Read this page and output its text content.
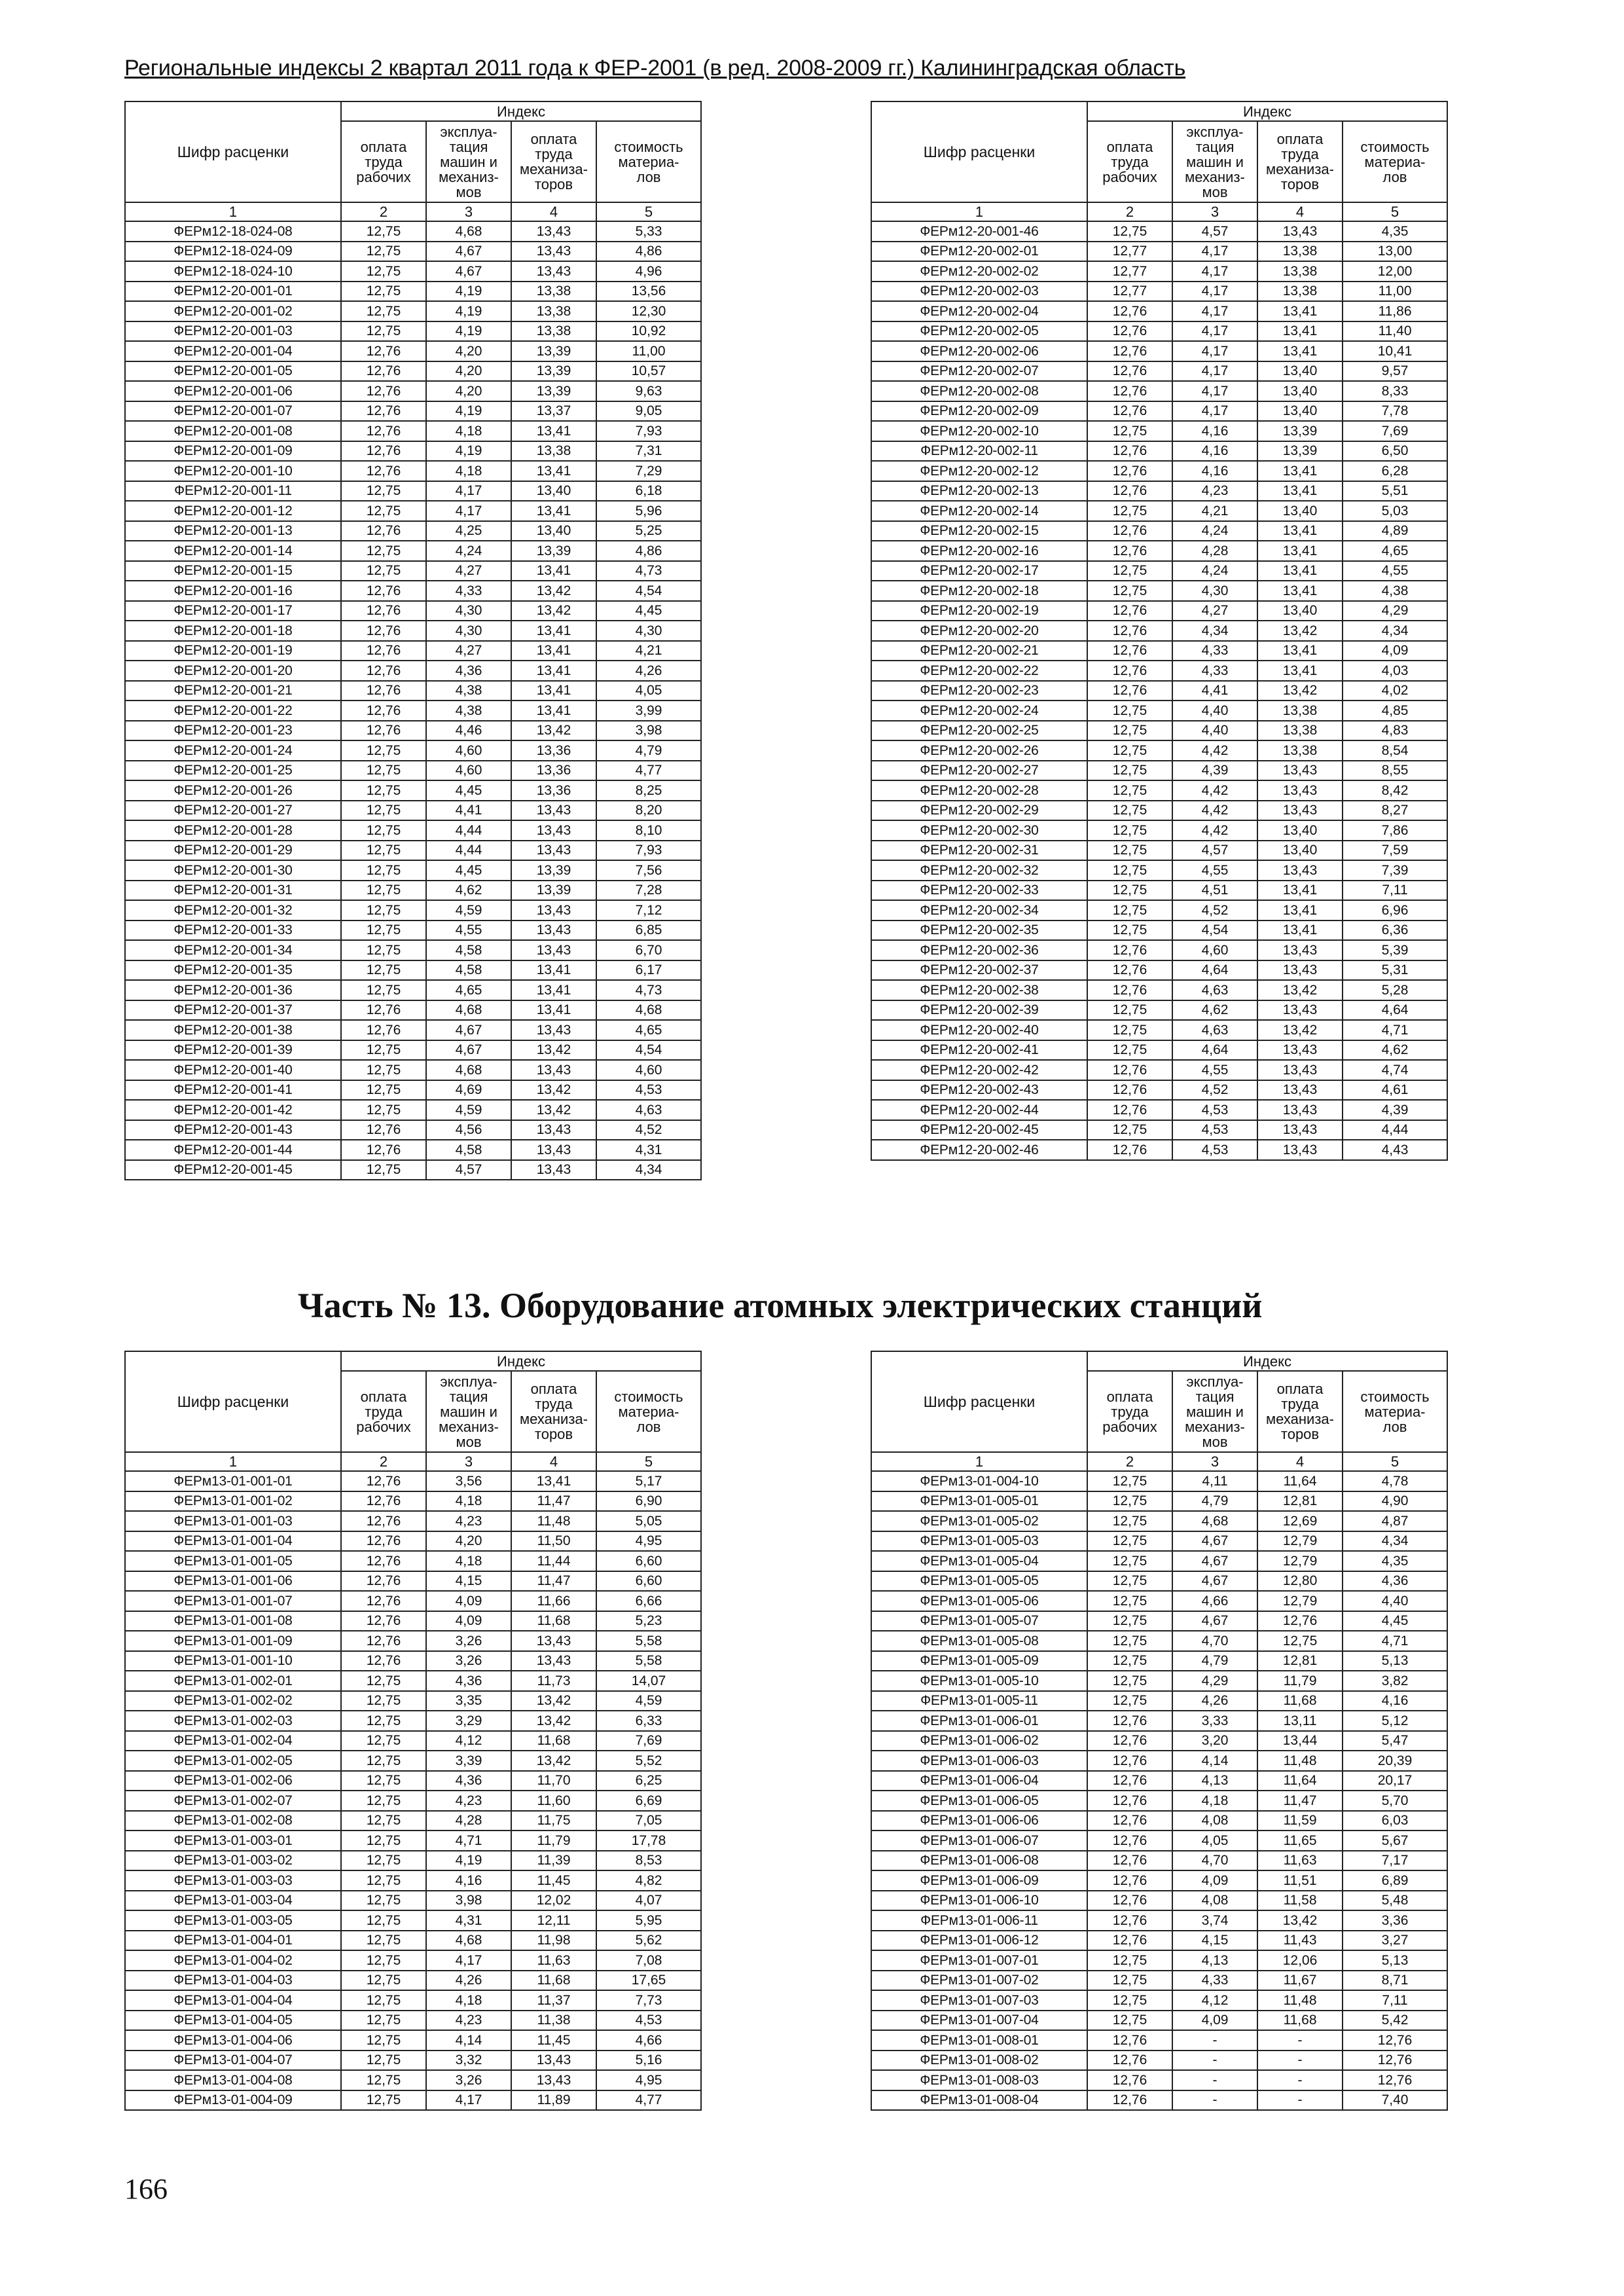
Региональные индексы 2 квартал 2011 года к ФЕР-2001 (в ред. 2008-2009 гг.) Калининградская область
Шифр расценки	Индекс			
	оплата
труда
рабочих	эксплуа-
тация
машин и
механиз-
мов	оплата
труда
механиза-
торов	стоимость
материа-
лов
1	2	3	4	5
ФЕРм12-18-024-08	12,75	4,68	13,43	5,33
ФЕРм12-18-024-09	12,75	4,67	13,43	4,86
ФЕРм12-18-024-10	12,75	4,67	13,43	4,96
ФЕРм12-20-001-01	12,75	4,19	13,38	13,56
ФЕРм12-20-001-02	12,75	4,19	13,38	12,30
ФЕРм12-20-001-03	12,75	4,19	13,38	10,92
ФЕРм12-20-001-04	12,76	4,20	13,39	11,00
ФЕРм12-20-001-05	12,76	4,20	13,39	10,57
ФЕРм12-20-001-06	12,76	4,20	13,39	9,63
ФЕРм12-20-001-07	12,76	4,19	13,37	9,05
ФЕРм12-20-001-08	12,76	4,18	13,41	7,93
ФЕРм12-20-001-09	12,76	4,19	13,38	7,31
ФЕРм12-20-001-10	12,76	4,18	13,41	7,29
ФЕРм12-20-001-11	12,75	4,17	13,40	6,18
ФЕРм12-20-001-12	12,75	4,17	13,41	5,96
ФЕРм12-20-001-13	12,76	4,25	13,40	5,25
ФЕРм12-20-001-14	12,75	4,24	13,39	4,86
ФЕРм12-20-001-15	12,75	4,27	13,41	4,73
ФЕРм12-20-001-16	12,76	4,33	13,42	4,54
ФЕРм12-20-001-17	12,76	4,30	13,42	4,45
ФЕРм12-20-001-18	12,76	4,30	13,41	4,30
ФЕРм12-20-001-19	12,76	4,27	13,41	4,21
ФЕРм12-20-001-20	12,76	4,36	13,41	4,26
ФЕРм12-20-001-21	12,76	4,38	13,41	4,05
ФЕРм12-20-001-22	12,76	4,38	13,41	3,99
ФЕРм12-20-001-23	12,76	4,46	13,42	3,98
ФЕРм12-20-001-24	12,75	4,60	13,36	4,79
ФЕРм12-20-001-25	12,75	4,60	13,36	4,77
ФЕРм12-20-001-26	12,75	4,45	13,36	8,25
ФЕРм12-20-001-27	12,75	4,41	13,43	8,20
ФЕРм12-20-001-28	12,75	4,44	13,43	8,10
ФЕРм12-20-001-29	12,75	4,44	13,43	7,93
ФЕРм12-20-001-30	12,75	4,45	13,39	7,56
ФЕРм12-20-001-31	12,75	4,62	13,39	7,28
ФЕРм12-20-001-32	12,75	4,59	13,43	7,12
ФЕРм12-20-001-33	12,75	4,55	13,43	6,85
ФЕРм12-20-001-34	12,75	4,58	13,43	6,70
ФЕРм12-20-001-35	12,75	4,58	13,41	6,17
ФЕРм12-20-001-36	12,75	4,65	13,41	4,73
ФЕРм12-20-001-37	12,76	4,68	13,41	4,68
ФЕРм12-20-001-38	12,76	4,67	13,43	4,65
ФЕРм12-20-001-39	12,75	4,67	13,42	4,54
ФЕРм12-20-001-40	12,75	4,68	13,43	4,60
ФЕРм12-20-001-41	12,75	4,69	13,42	4,53
ФЕРм12-20-001-42	12,75	4,59	13,42	4,63
ФЕРм12-20-001-43	12,76	4,56	13,43	4,52
ФЕРм12-20-001-44	12,76	4,58	13,43	4,31
ФЕРм12-20-001-45	12,75	4,57	13,43	4,34
Шифр расценки	Индекс			
	оплата
труда
рабочих	эксплуа-
тация
машин и
механиз-
мов	оплата
труда
механиза-
торов	стоимость
материа-
лов
1	2	3	4	5
ФЕРм12-20-001-46	12,75	4,57	13,43	4,35
ФЕРм12-20-002-01	12,77	4,17	13,38	13,00
ФЕРм12-20-002-02	12,77	4,17	13,38	12,00
ФЕРм12-20-002-03	12,77	4,17	13,38	11,00
ФЕРм12-20-002-04	12,76	4,17	13,41	11,86
ФЕРм12-20-002-05	12,76	4,17	13,41	11,40
ФЕРм12-20-002-06	12,76	4,17	13,41	10,41
ФЕРм12-20-002-07	12,76	4,17	13,40	9,57
ФЕРм12-20-002-08	12,76	4,17	13,40	8,33
ФЕРм12-20-002-09	12,76	4,17	13,40	7,78
ФЕРм12-20-002-10	12,75	4,16	13,39	7,69
ФЕРм12-20-002-11	12,76	4,16	13,39	6,50
ФЕРм12-20-002-12	12,76	4,16	13,41	6,28
ФЕРм12-20-002-13	12,76	4,23	13,41	5,51
ФЕРм12-20-002-14	12,75	4,21	13,40	5,03
ФЕРм12-20-002-15	12,76	4,24	13,41	4,89
ФЕРм12-20-002-16	12,76	4,28	13,41	4,65
ФЕРм12-20-002-17	12,75	4,24	13,41	4,55
ФЕРм12-20-002-18	12,75	4,30	13,41	4,38
ФЕРм12-20-002-19	12,76	4,27	13,40	4,29
ФЕРм12-20-002-20	12,76	4,34	13,42	4,34
ФЕРм12-20-002-21	12,76	4,33	13,41	4,09
ФЕРм12-20-002-22	12,76	4,33	13,41	4,03
ФЕРм12-20-002-23	12,76	4,41	13,42	4,02
ФЕРм12-20-002-24	12,75	4,40	13,38	4,85
ФЕРм12-20-002-25	12,75	4,40	13,38	4,83
ФЕРм12-20-002-26	12,75	4,42	13,38	8,54
ФЕРм12-20-002-27	12,75	4,39	13,43	8,55
ФЕРм12-20-002-28	12,75	4,42	13,43	8,42
ФЕРм12-20-002-29	12,75	4,42	13,43	8,27
ФЕРм12-20-002-30	12,75	4,42	13,40	7,86
ФЕРм12-20-002-31	12,75	4,57	13,40	7,59
ФЕРм12-20-002-32	12,75	4,55	13,43	7,39
ФЕРм12-20-002-33	12,75	4,51	13,41	7,11
ФЕРм12-20-002-34	12,75	4,52	13,41	6,96
ФЕРм12-20-002-35	12,75	4,54	13,41	6,36
ФЕРм12-20-002-36	12,76	4,60	13,43	5,39
ФЕРм12-20-002-37	12,76	4,64	13,43	5,31
ФЕРм12-20-002-38	12,76	4,63	13,42	5,28
ФЕРм12-20-002-39	12,75	4,62	13,43	4,64
ФЕРм12-20-002-40	12,75	4,63	13,42	4,71
ФЕРм12-20-002-41	12,75	4,64	13,43	4,62
ФЕРм12-20-002-42	12,76	4,55	13,43	4,74
ФЕРм12-20-002-43	12,76	4,52	13,43	4,61
ФЕРм12-20-002-44	12,76	4,53	13,43	4,39
ФЕРм12-20-002-45	12,75	4,53	13,43	4,44
ФЕРм12-20-002-46	12,76	4,53	13,43	4,43
Часть № 13. Оборудование атомных электрических станций
Шифр расценки	Индекс			
	оплата
труда
рабочих	эксплуа-
тация
машин и
механиз-
мов	оплата
труда
механиза-
торов	стоимость
материа-
лов
1	2	3	4	5
ФЕРм13-01-001-01	12,76	3,56	13,41	5,17
ФЕРм13-01-001-02	12,76	4,18	11,47	6,90
ФЕРм13-01-001-03	12,76	4,23	11,48	5,05
ФЕРм13-01-001-04	12,76	4,20	11,50	4,95
ФЕРм13-01-001-05	12,76	4,18	11,44	6,60
ФЕРм13-01-001-06	12,76	4,15	11,47	6,60
ФЕРм13-01-001-07	12,76	4,09	11,66	6,66
ФЕРм13-01-001-08	12,76	4,09	11,68	5,23
ФЕРм13-01-001-09	12,76	3,26	13,43	5,58
ФЕРм13-01-001-10	12,76	3,26	13,43	5,58
ФЕРм13-01-002-01	12,75	4,36	11,73	14,07
ФЕРм13-01-002-02	12,75	3,35	13,42	4,59
ФЕРм13-01-002-03	12,75	3,29	13,42	6,33
ФЕРм13-01-002-04	12,75	4,12	11,68	7,69
ФЕРм13-01-002-05	12,75	3,39	13,42	5,52
ФЕРм13-01-002-06	12,75	4,36	11,70	6,25
ФЕРм13-01-002-07	12,75	4,23	11,60	6,69
ФЕРм13-01-002-08	12,75	4,28	11,75	7,05
ФЕРм13-01-003-01	12,75	4,71	11,79	17,78
ФЕРм13-01-003-02	12,75	4,19	11,39	8,53
ФЕРм13-01-003-03	12,75	4,16	11,45	4,82
ФЕРм13-01-003-04	12,75	3,98	12,02	4,07
ФЕРм13-01-003-05	12,75	4,31	12,11	5,95
ФЕРм13-01-004-01	12,75	4,68	11,98	5,62
ФЕРм13-01-004-02	12,75	4,17	11,63	7,08
ФЕРм13-01-004-03	12,75	4,26	11,68	17,65
ФЕРм13-01-004-04	12,75	4,18	11,37	7,73
ФЕРм13-01-004-05	12,75	4,23	11,38	4,53
ФЕРм13-01-004-06	12,75	4,14	11,45	4,66
ФЕРм13-01-004-07	12,75	3,32	13,43	5,16
ФЕРм13-01-004-08	12,75	3,26	13,43	4,95
ФЕРм13-01-004-09	12,75	4,17	11,89	4,77
Шифр расценки	Индекс			
	оплата
труда
рабочих	эксплуа-
тация
машин и
механиз-
мов	оплата
труда
механиза-
торов	стоимость
материа-
лов
1	2	3	4	5
ФЕРм13-01-004-10	12,75	4,11	11,64	4,78
ФЕРм13-01-005-01	12,75	4,79	12,81	4,90
ФЕРм13-01-005-02	12,75	4,68	12,69	4,87
ФЕРм13-01-005-03	12,75	4,67	12,79	4,34
ФЕРм13-01-005-04	12,75	4,67	12,79	4,35
ФЕРм13-01-005-05	12,75	4,67	12,80	4,36
ФЕРм13-01-005-06	12,75	4,66	12,79	4,40
ФЕРм13-01-005-07	12,75	4,67	12,76	4,45
ФЕРм13-01-005-08	12,75	4,70	12,75	4,71
ФЕРм13-01-005-09	12,75	4,79	12,81	5,13
ФЕРм13-01-005-10	12,75	4,29	11,79	3,82
ФЕРм13-01-005-11	12,75	4,26	11,68	4,16
ФЕРм13-01-006-01	12,76	3,33	13,11	5,12
ФЕРм13-01-006-02	12,76	3,20	13,44	5,47
ФЕРм13-01-006-03	12,76	4,14	11,48	20,39
ФЕРм13-01-006-04	12,76	4,13	11,64	20,17
ФЕРм13-01-006-05	12,76	4,18	11,47	5,70
ФЕРм13-01-006-06	12,76	4,08	11,59	6,03
ФЕРм13-01-006-07	12,76	4,05	11,65	5,67
ФЕРм13-01-006-08	12,76	4,70	11,63	7,17
ФЕРм13-01-006-09	12,76	4,09	11,51	6,89
ФЕРм13-01-006-10	12,76	4,08	11,58	5,48
ФЕРм13-01-006-11	12,76	3,74	13,42	3,36
ФЕРм13-01-006-12	12,76	4,15	11,43	3,27
ФЕРм13-01-007-01	12,75	4,13	12,06	5,13
ФЕРм13-01-007-02	12,75	4,33	11,67	8,71
ФЕРм13-01-007-03	12,75	4,12	11,48	7,11
ФЕРм13-01-007-04	12,75	4,09	11,68	5,42
ФЕРм13-01-008-01	12,76	-	-	12,76
ФЕРм13-01-008-02	12,76	-	-	12,76
ФЕРм13-01-008-03	12,76	-	-	12,76
ФЕРм13-01-008-04	12,76	-	-	7,40
166
